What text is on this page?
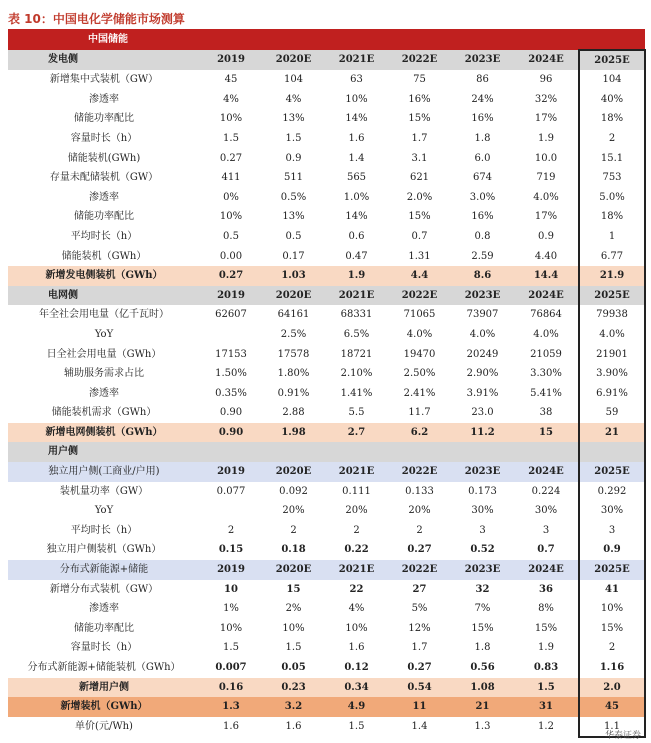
表 10：中国电化学储能市场测算
中国储能							
发电侧	2019	2020E	2021E	2022E	2023E	2024E	2025E
新增集中式装机（GW）	45	104	63	75	86	96	104
渗透率	4%	4%	10%	16%	24%	32%	40%
储能功率配比	10%	13%	14%	15%	16%	17%	18%
容量时长（h）	1.5	1.5	1.6	1.7	1.8	1.9	2
储能装机(GWh)	0.27	0.9	1.4	3.1	6.0	10.0	15.1
存量未配储装机（GW）	411	511	565	621	674	719	753
渗透率	0%	0.5%	1.0%	2.0%	3.0%	4.0%	5.0%
储能功率配比	10%	13%	14%	15%	16%	17%	18%
平均时长（h）	0.5	0.5	0.6	0.7	0.8	0.9	1
储能装机（GWh）	0.00	0.17	0.47	1.31	2.59	4.40	6.77
新增发电侧装机（GWh）	0.27	1.03	1.9	4.4	8.6	14.4	21.9
电网侧	2019	2020E	2021E	2022E	2023E	2024E	2025E
年全社会用电量（亿千瓦时）	62607	64161	68331	71065	73907	76864	79938
YoY		2.5%	6.5%	4.0%	4.0%	4.0%	4.0%
日全社会用电量（GWh）	17153	17578	18721	19470	20249	21059	21901
辅助服务需求占比	1.50%	1.80%	2.10%	2.50%	2.90%	3.30%	3.90%
渗透率	0.35%	0.91%	1.41%	2.41%	3.91%	5.41%	6.91%
储能装机需求（GWh）	0.90	2.88	5.5	11.7	23.0	38	59
新增电网侧装机（GWh）	0.90	1.98	2.7	6.2	11.2	15	21
用户侧							
独立用户侧(工商业/户用)	2019	2020E	2021E	2022E	2023E	2024E	2025E
装机量功率（GW）	0.077	0.092	0.111	0.133	0.173	0.224	0.292
YoY		20%	20%	20%	30%	30%	30%
平均时长（h）	2	2	2	2	3	3	3
独立用户侧装机（GWh）	0.15	0.18	0.22	0.27	0.52	0.7	0.9
分布式新能源+储能	2019	2020E	2021E	2022E	2023E	2024E	2025E
新增分布式装机（GW）	10	15	22	27	32	36	41
渗透率	1%	2%	4%	5%	7%	8%	10%
储能功率配比	10%	10%	10%	12%	15%	15%	15%
容量时长（h）	1.5	1.5	1.6	1.7	1.8	1.9	2
分布式新能源+储能装机（GWh）	0.007	0.05	0.12	0.27	0.56	0.83	1.16
新增用户侧	0.16	0.23	0.34	0.54	1.08	1.5	2.0
新增装机（GWh）	1.3	3.2	4.9	11	21	31	45
单价(元/Wh)	1.6	1.6	1.5	1.4	1.3	1.2	1.1
华泰证券
